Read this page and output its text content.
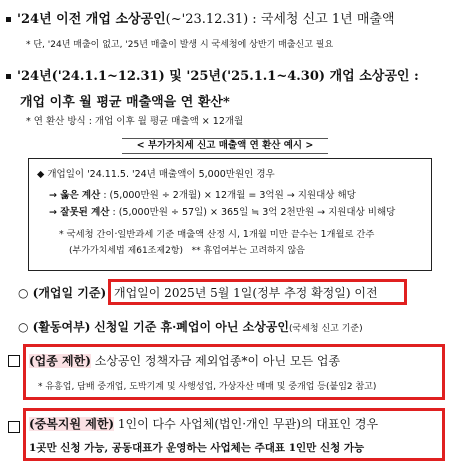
'24년 이전 개업 소상공인(~'23.12.31) : 국세청 신고 1년 매출액
* 단, '24년 매출이 없고, '25년 매출이 발생 시 국세청에 상반기 매출신고 필요
'24년('24.1.1~12.31) 및 '25년('25.1.1~4.30) 개업 소상공인 :
개업 이후 월 평균 매출액을 연 환산*
* 연 환산 방식 : 개업 이후 월 평균 매출액 × 12개월
< 부가가치세 신고 매출액 연 환산 예시 >
◆ 개업일이 '24.11.5. '24년 매출액이 5,000만원인 경우
→ 옳은 계산 : (5,000만원 ÷ 2개월) × 12개월 = 3억원 → 지원대상 해당
→ 잘못된 계산 : (5,000만원 ÷ 57일) × 365일 ≒ 3억 2천만원 → 지원대상 비해당
* 국세청 간이·일반과세 기준 매출액 산정 시, 1개월 미만 끝수는 1개월로 간주
(부가가치세법 제61조제2항) ** 휴업여부는 고려하지 않음
○ (개업일 기준) 개업일이 2025년 5월 1일(정부 추정 확정일) 이전
○ (활동여부) 신청일 기준 휴·폐업이 아닌 소상공인(국세청 신고 기준)
(업종 제한) 소상공인 정책자금 제외업종*이 아닌 모든 업종
* 유흥업, 담배 중개업, 도박기계 및 사행성업, 가상자산 매매 및 중개업 등(붙임2 참고)
(중복지원 제한) 1인이 다수 사업체(법인·개인 무관)의 대표인 경우
1곳만 신청 가능, 공동대표가 운영하는 사업체는 주대표 1인만 신청 가능
